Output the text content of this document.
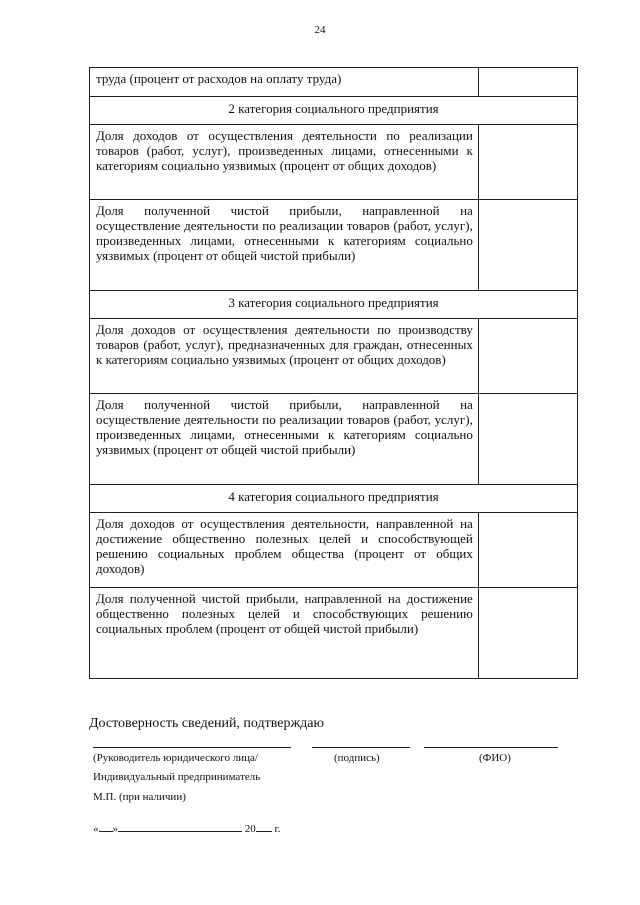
24
труда (процент от расходов на оплату труда)	
2 категория социального предприятия	
Доля доходов от осуществления деятельности по реализации товаров (работ, услуг), произведенных лицами, отнесенными к категориям социально уязвимых (процент от общих доходов)	
Доля полученной чистой прибыли, направленной на осуществление деятельности по реализации товаров (работ, услуг), произведенных лицами, отнесенными к категориям социально уязвимых (процент от общей чистой прибыли)	
3 категория социального предприятия	
Доля доходов от осуществления деятельности по производству товаров (работ, услуг), предназначенных для граждан, отнесенных к категориям социально уязвимых (процент от общих доходов)	
Доля полученной чистой прибыли, направленной на осуществление деятельности по реализации товаров (работ, услуг), произведенных лицами, отнесенными к категориям социально уязвимых (процент от общей чистой прибыли)	
4 категория социального предприятия	
Доля доходов от осуществления деятельности, направленной на достижение общественно полезных целей и способствующей решению социальных проблем общества (процент от общих доходов)	
Доля полученной чистой прибыли, направленной на достижение общественно полезных целей и способствующих решению социальных проблем (процент от общей чистой прибыли)	
Достоверность сведений, подтверждаю
(Руководитель юридического лица/	(подпись)	(ФИО)
Индивидуальный предприниматель
М.П. (при наличии)
« »	20 г.
